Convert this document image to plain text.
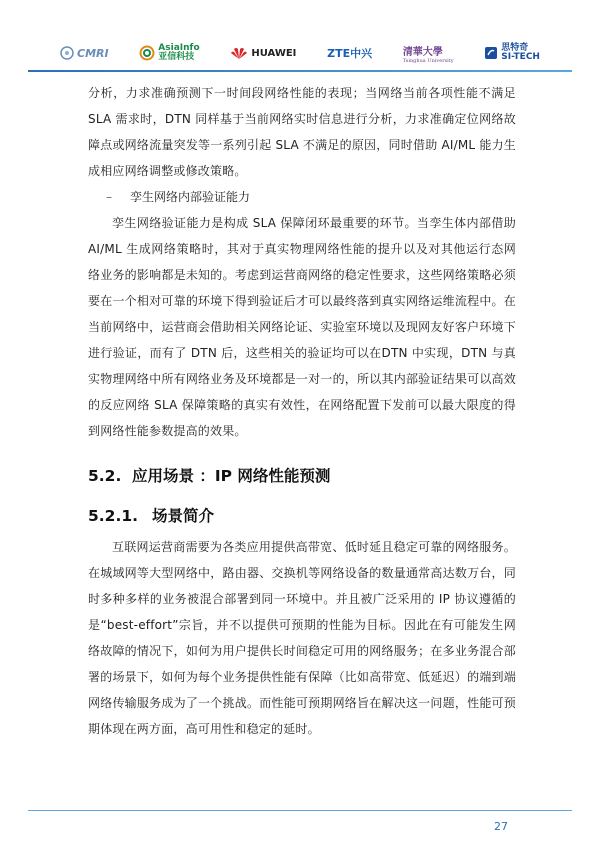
CMRI	AsiaInfo
亚信科技	HUAWEI	ZTE中兴	清華大學
Tsinghua University
思特奇
SI-TECH

分析，力求准确预测下一时间段网络性能的表现；当网络当前各项性能不满足 SLA 需求时，DTN 同样基于当前网络实时信息进行分析，力求准确定位网络故障点或网络流量突发等一系列引起 SLA 不满足的原因，同时借助 AI/ML 能力生成相应网络调整或修改策略。

– 孪生网络内部验证能力

孪生网络验证能力是构成 SLA 保障闭环最重要的环节。当孪生体内部借助 AI/ML 生成网络策略时，其对于真实物理网络性能的提升以及对其他运行态网络业务的影响都是未知的。考虑到运营商网络的稳定性要求，这些网络策略必须要在一个相对可靠的环境下得到验证后才可以最终落到真实网络运维流程中。在当前网络中，运营商会借助相关网络论证、实验室环境以及现网友好客户环境下进行验证，而有了 DTN 后，这些相关的验证均可以在DTN 中实现，DTN 与真实物理网络中所有网络业务及环境都是一对一的，所以其内部验证结果可以高效的反应网络 SLA 保障策略的真实有效性，在网络配置下发前可以最大限度的得到网络性能参数提高的效果。

5.2. 应用场景 ：IP 网络性能预测
5.2.1. 场景简介

互联网运营商需要为各类应用提供高带宽、低时延且稳定可靠的网络服务。在城域网等大型网络中，路由器、交换机等网络设备的数量通常高达数万台，同时多种多样的业务被混合部署到同一环境中。并且被广泛采用的 IP 协议遵循的是“best-effort”宗旨，并不以提供可预期的性能为目标。因此在有可能发生网络故障的情况下，如何为用户提供长时间稳定可用的网络服务；在多业务混合部署的场景下，如何为每个业务提供性能有保障（比如高带宽、低延迟）的端到端网络传输服务成为了一个挑战。而性能可预期网络旨在解决这一问题，性能可预期体现在两方面，高可用性和稳定的延时。

27
